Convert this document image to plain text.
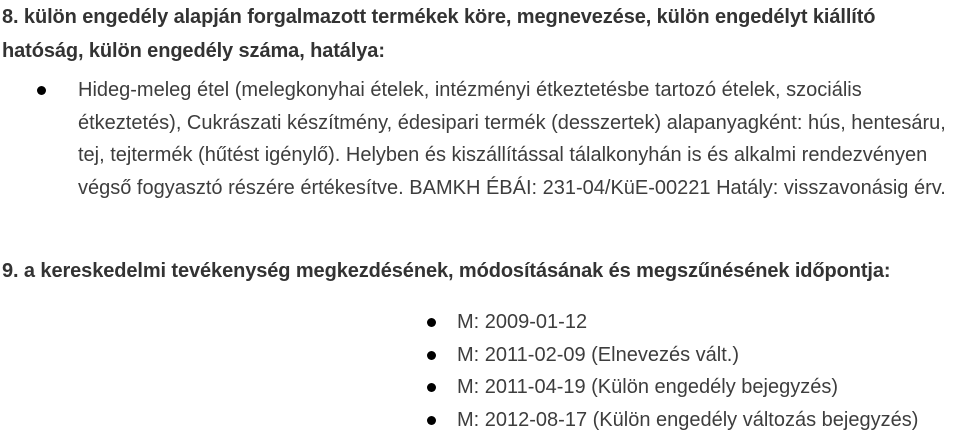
8. külön engedély alapján forgalmazott termékek köre, megnevezése, külön engedélyt kiállító hatóság, külön engedély száma, hatálya:
Hideg-meleg étel (melegkonyhai ételek, intézményi étkeztetésbe tartozó ételek, szociális étkeztetés), Cukrászati készítmény, édesipari termék (desszertek) alapanyagként: hús, hentesáru, tej, tejtermék (hűtést igénylő). Helyben és kiszállítással tálalkonyhán is és alkalmi rendezvényen végső fogyasztó részére értékesítve. BAMKH ÉBÁI: 231-04/KüE-00221 Hatály: visszavonásig érv.
9. a kereskedelmi tevékenység megkezdésének, módosításának és megszűnésének időpontja:
M: 2009-01-12
M: 2011-02-09 (Elnevezés vált.)
M: 2011-04-19 (Külön engedély bejegyzés)
M: 2012-08-17 (Külön engedély változás bejegyzés)
